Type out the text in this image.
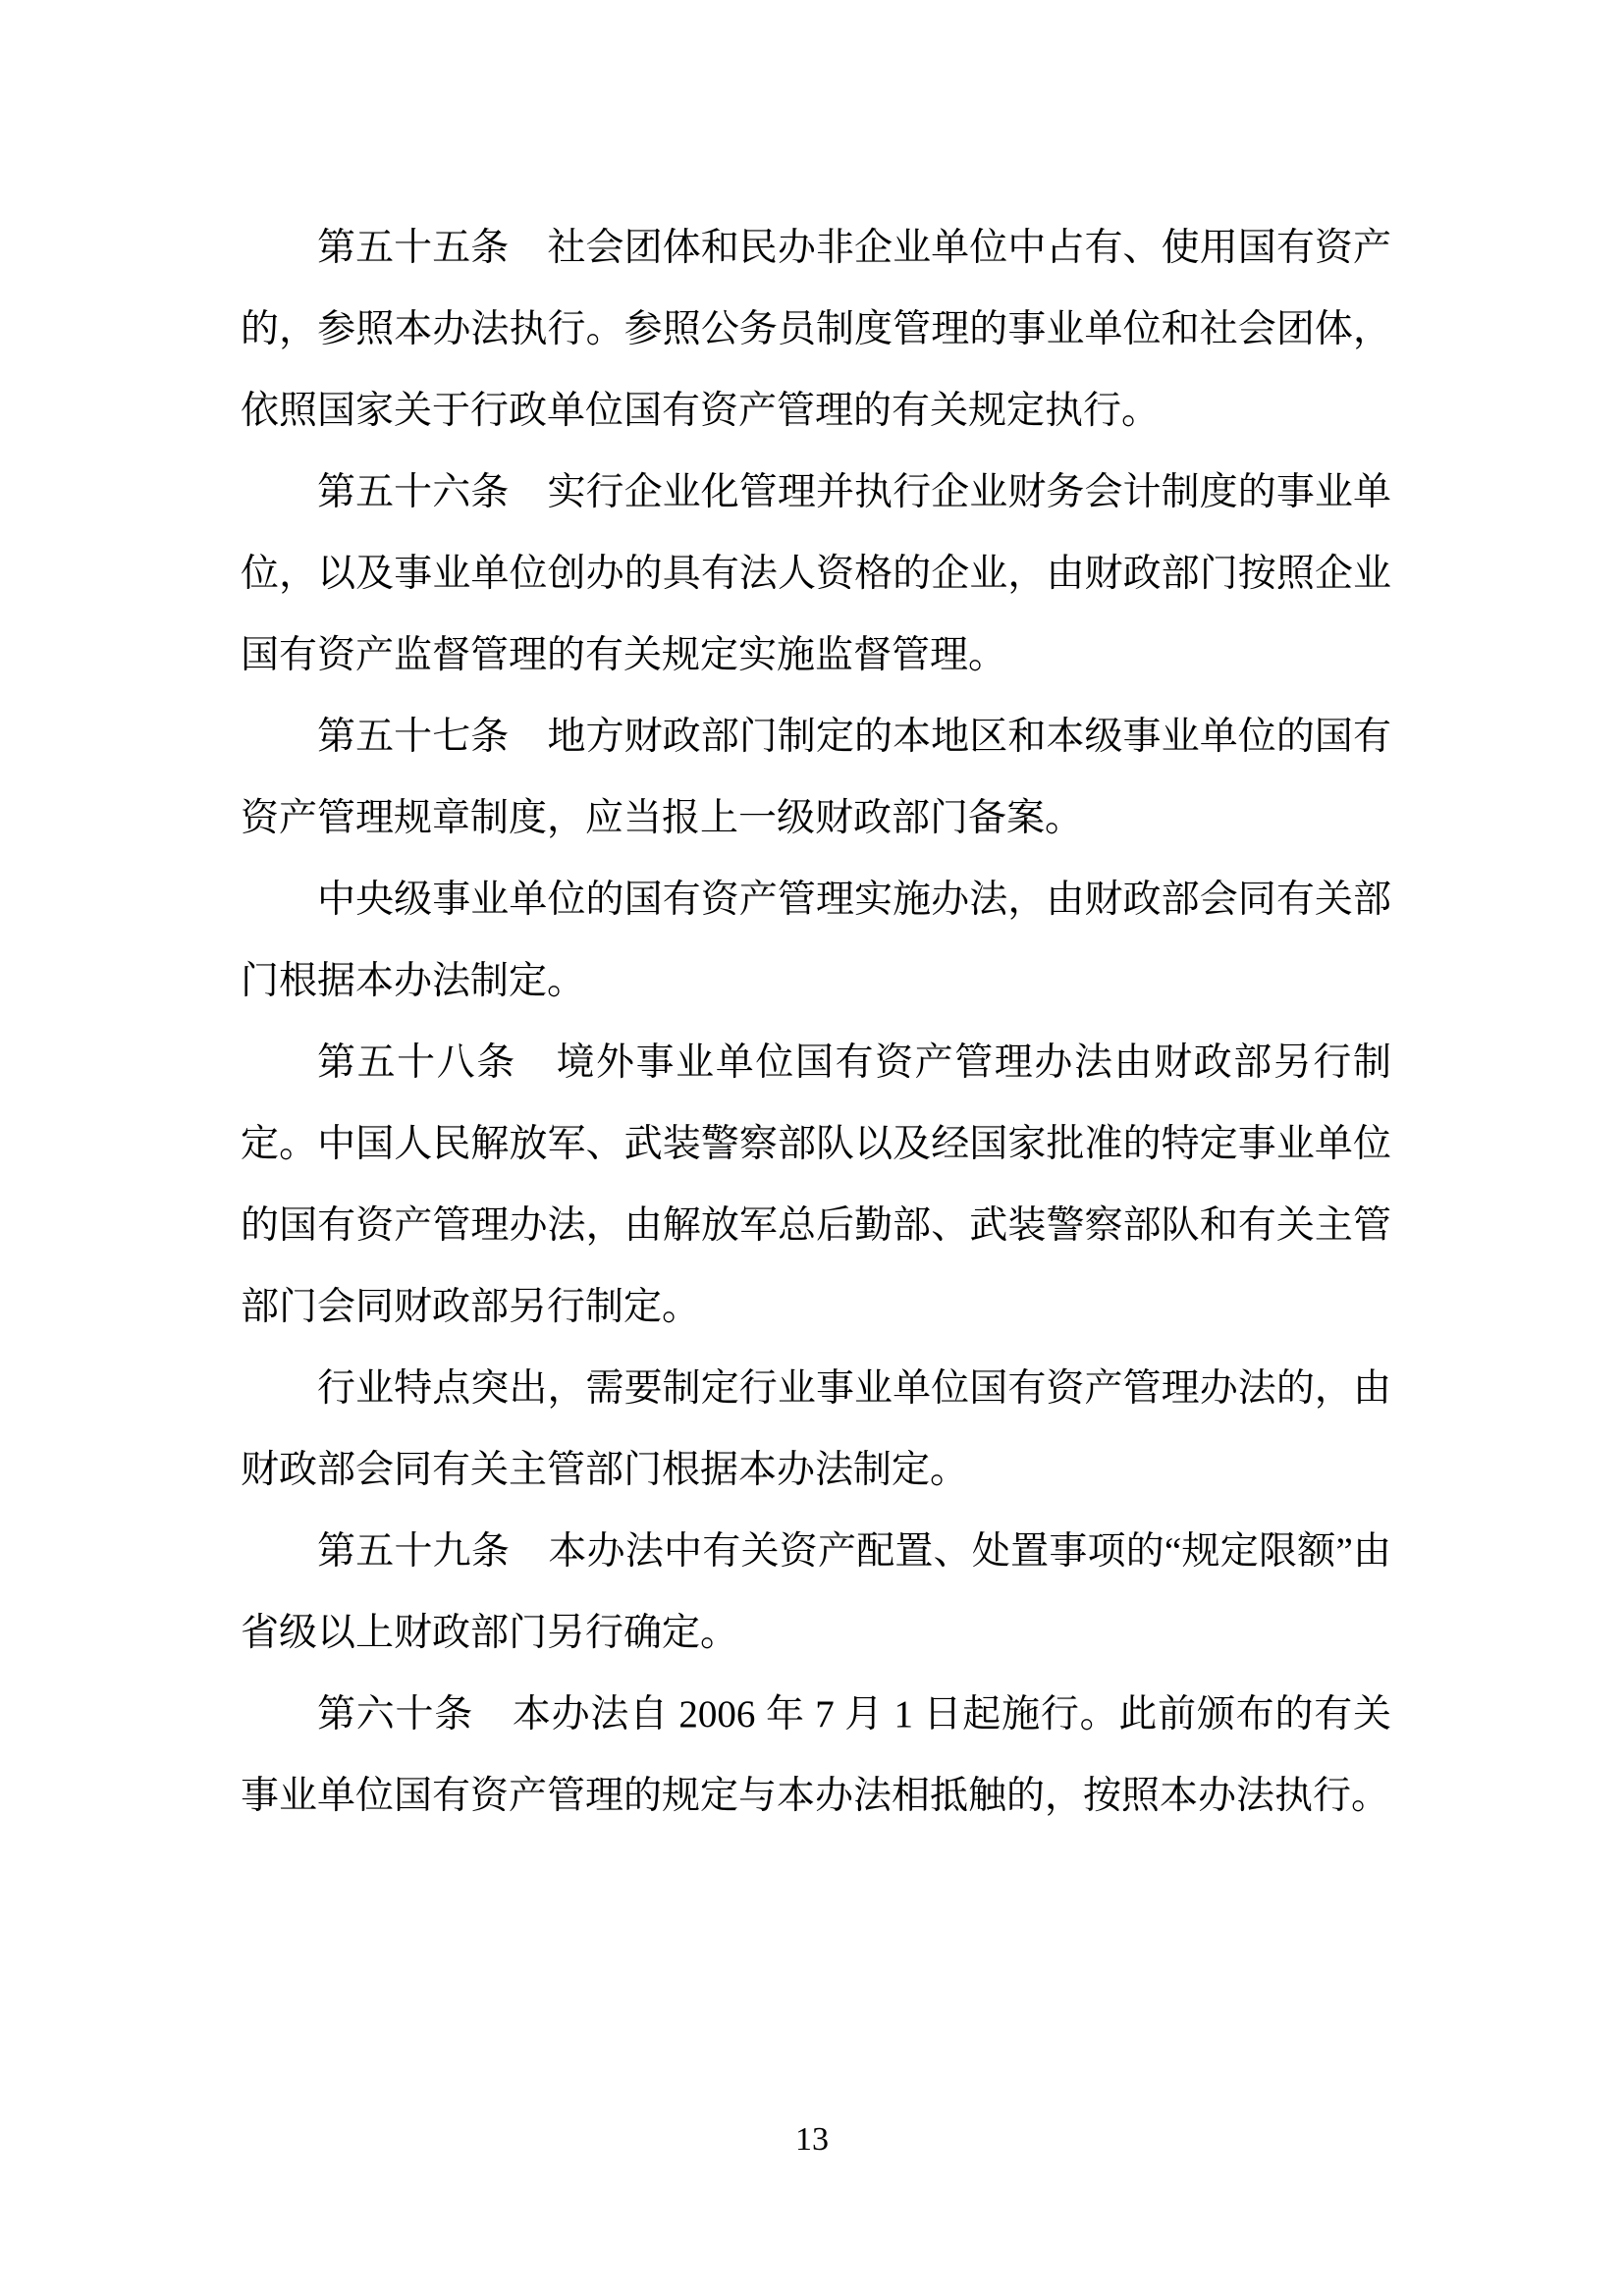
第五十五条　社会团体和民办非企业单位中占有、使用国有资产的，参照本办法执行。参照公务员制度管理的事业单位和社会团体，依照国家关于行政单位国有资产管理的有关规定执行。

第五十六条　实行企业化管理并执行企业财务会计制度的事业单位，以及事业单位创办的具有法人资格的企业，由财政部门按照企业国有资产监督管理的有关规定实施监督管理。

第五十七条　地方财政部门制定的本地区和本级事业单位的国有资产管理规章制度，应当报上一级财政部门备案。

中央级事业单位的国有资产管理实施办法，由财政部会同有关部门根据本办法制定。

第五十八条　境外事业单位国有资产管理办法由财政部另行制定。中国人民解放军、武装警察部队以及经国家批准的特定事业单位的国有资产管理办法，由解放军总后勤部、武装警察部队和有关主管部门会同财政部另行制定。

行业特点突出，需要制定行业事业单位国有资产管理办法的，由财政部会同有关主管部门根据本办法制定。

第五十九条　本办法中有关资产配置、处置事项的“规定限额”由省级以上财政部门另行确定。

第六十条　本办法自 2006 年 7 月 1 日起施行。此前颁布的有关事业单位国有资产管理的规定与本办法相抵触的，按照本办法执行。

13
